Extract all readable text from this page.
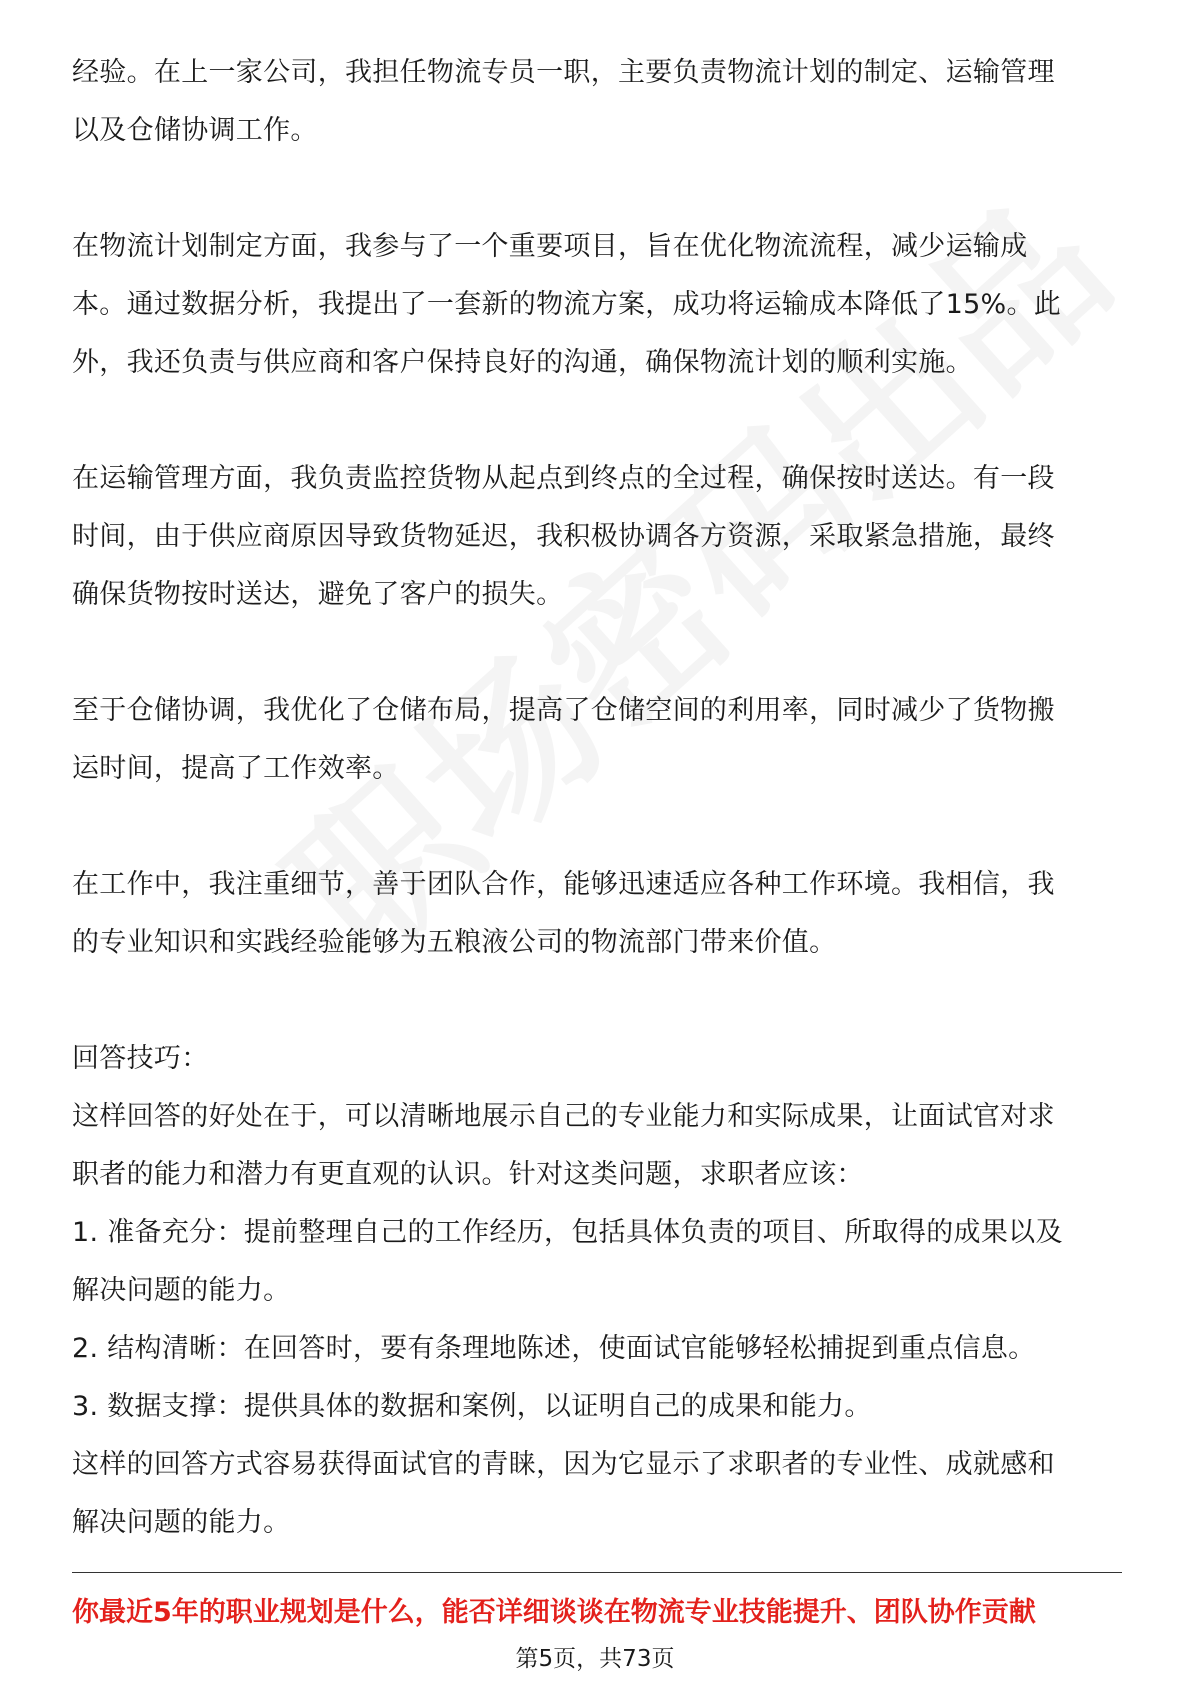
经验。在上一家公司，我担任物流专员一职，主要负责物流计划的制定、运输管理
以及仓储协调工作。
在物流计划制定方面，我参与了一个重要项目，旨在优化物流流程，减少运输成
本。通过数据分析，我提出了一套新的物流方案，成功将运输成本降低了15%。此
外，我还负责与供应商和客户保持良好的沟通，确保物流计划的顺利实施。
在运输管理方面，我负责监控货物从起点到终点的全过程，确保按时送达。有一段
时间，由于供应商原因导致货物延迟，我积极协调各方资源，采取紧急措施，最终
确保货物按时送达，避免了客户的损失。
至于仓储协调，我优化了仓储布局，提高了仓储空间的利用率，同时减少了货物搬
运时间，提高了工作效率。
在工作中，我注重细节，善于团队合作，能够迅速适应各种工作环境。我相信，我
的专业知识和实践经验能够为五粮液公司的物流部门带来价值。
回答技巧：
这样回答的好处在于，可以清晰地展示自己的专业能力和实际成果，让面试官对求
职者的能力和潜力有更直观的认识。针对这类问题，求职者应该：
1. 准备充分：提前整理自己的工作经历，包括具体负责的项目、所取得的成果以及
解决问题的能力。
2. 结构清晰：在回答时，要有条理地陈述，使面试官能够轻松捕捉到重点信息。
3. 数据支撑：提供具体的数据和案例，以证明自己的成果和能力。
这样的回答方式容易获得面试官的青睐，因为它显示了求职者的专业性、成就感和
解决问题的能力。
你最近5年的职业规划是什么，能否详细谈谈在物流专业技能提升、团队协作贡献
第5页，共73页
